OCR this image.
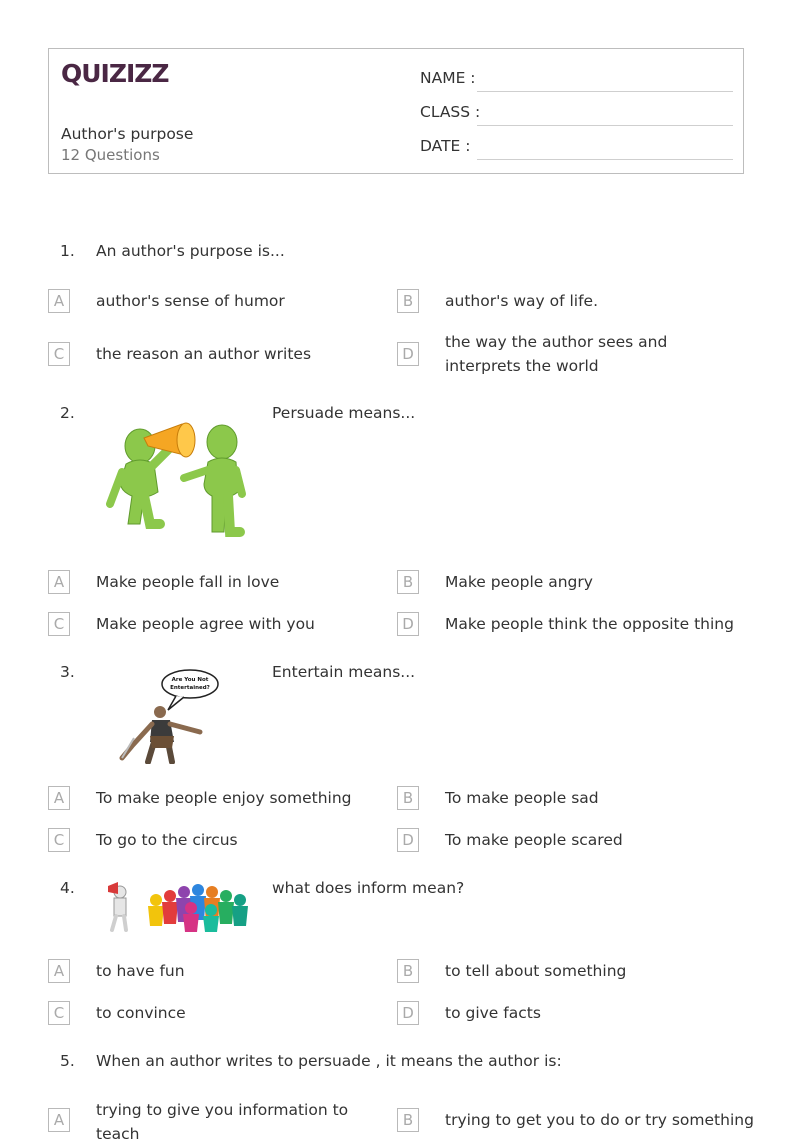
QUIZIZZ
Author's purpose
12 Questions
NAME :
CLASS :
DATE :
1. An author's purpose is...
A	author's sense of humor	B	author's way of life.
C	the reason an author writes	D
the way the author sees and interprets the world
2.	Persuade means...
A	Make people fall in love	B	Make people angry
C	Make people agree with you	D	Make people think the opposite thing
3.	Are You Not
Entertained?
Entertain means...
A	To make people enjoy something	B	To make people sad
C	To go to the circus	D	To make people scared
4.	what does inform mean?
A	to have fun	B	to tell about something
C	to convince	D	to give facts
5. When an author writes to persuade , it means the author is:
A
trying to give you information to teach
B	trying to get you to do or try something
